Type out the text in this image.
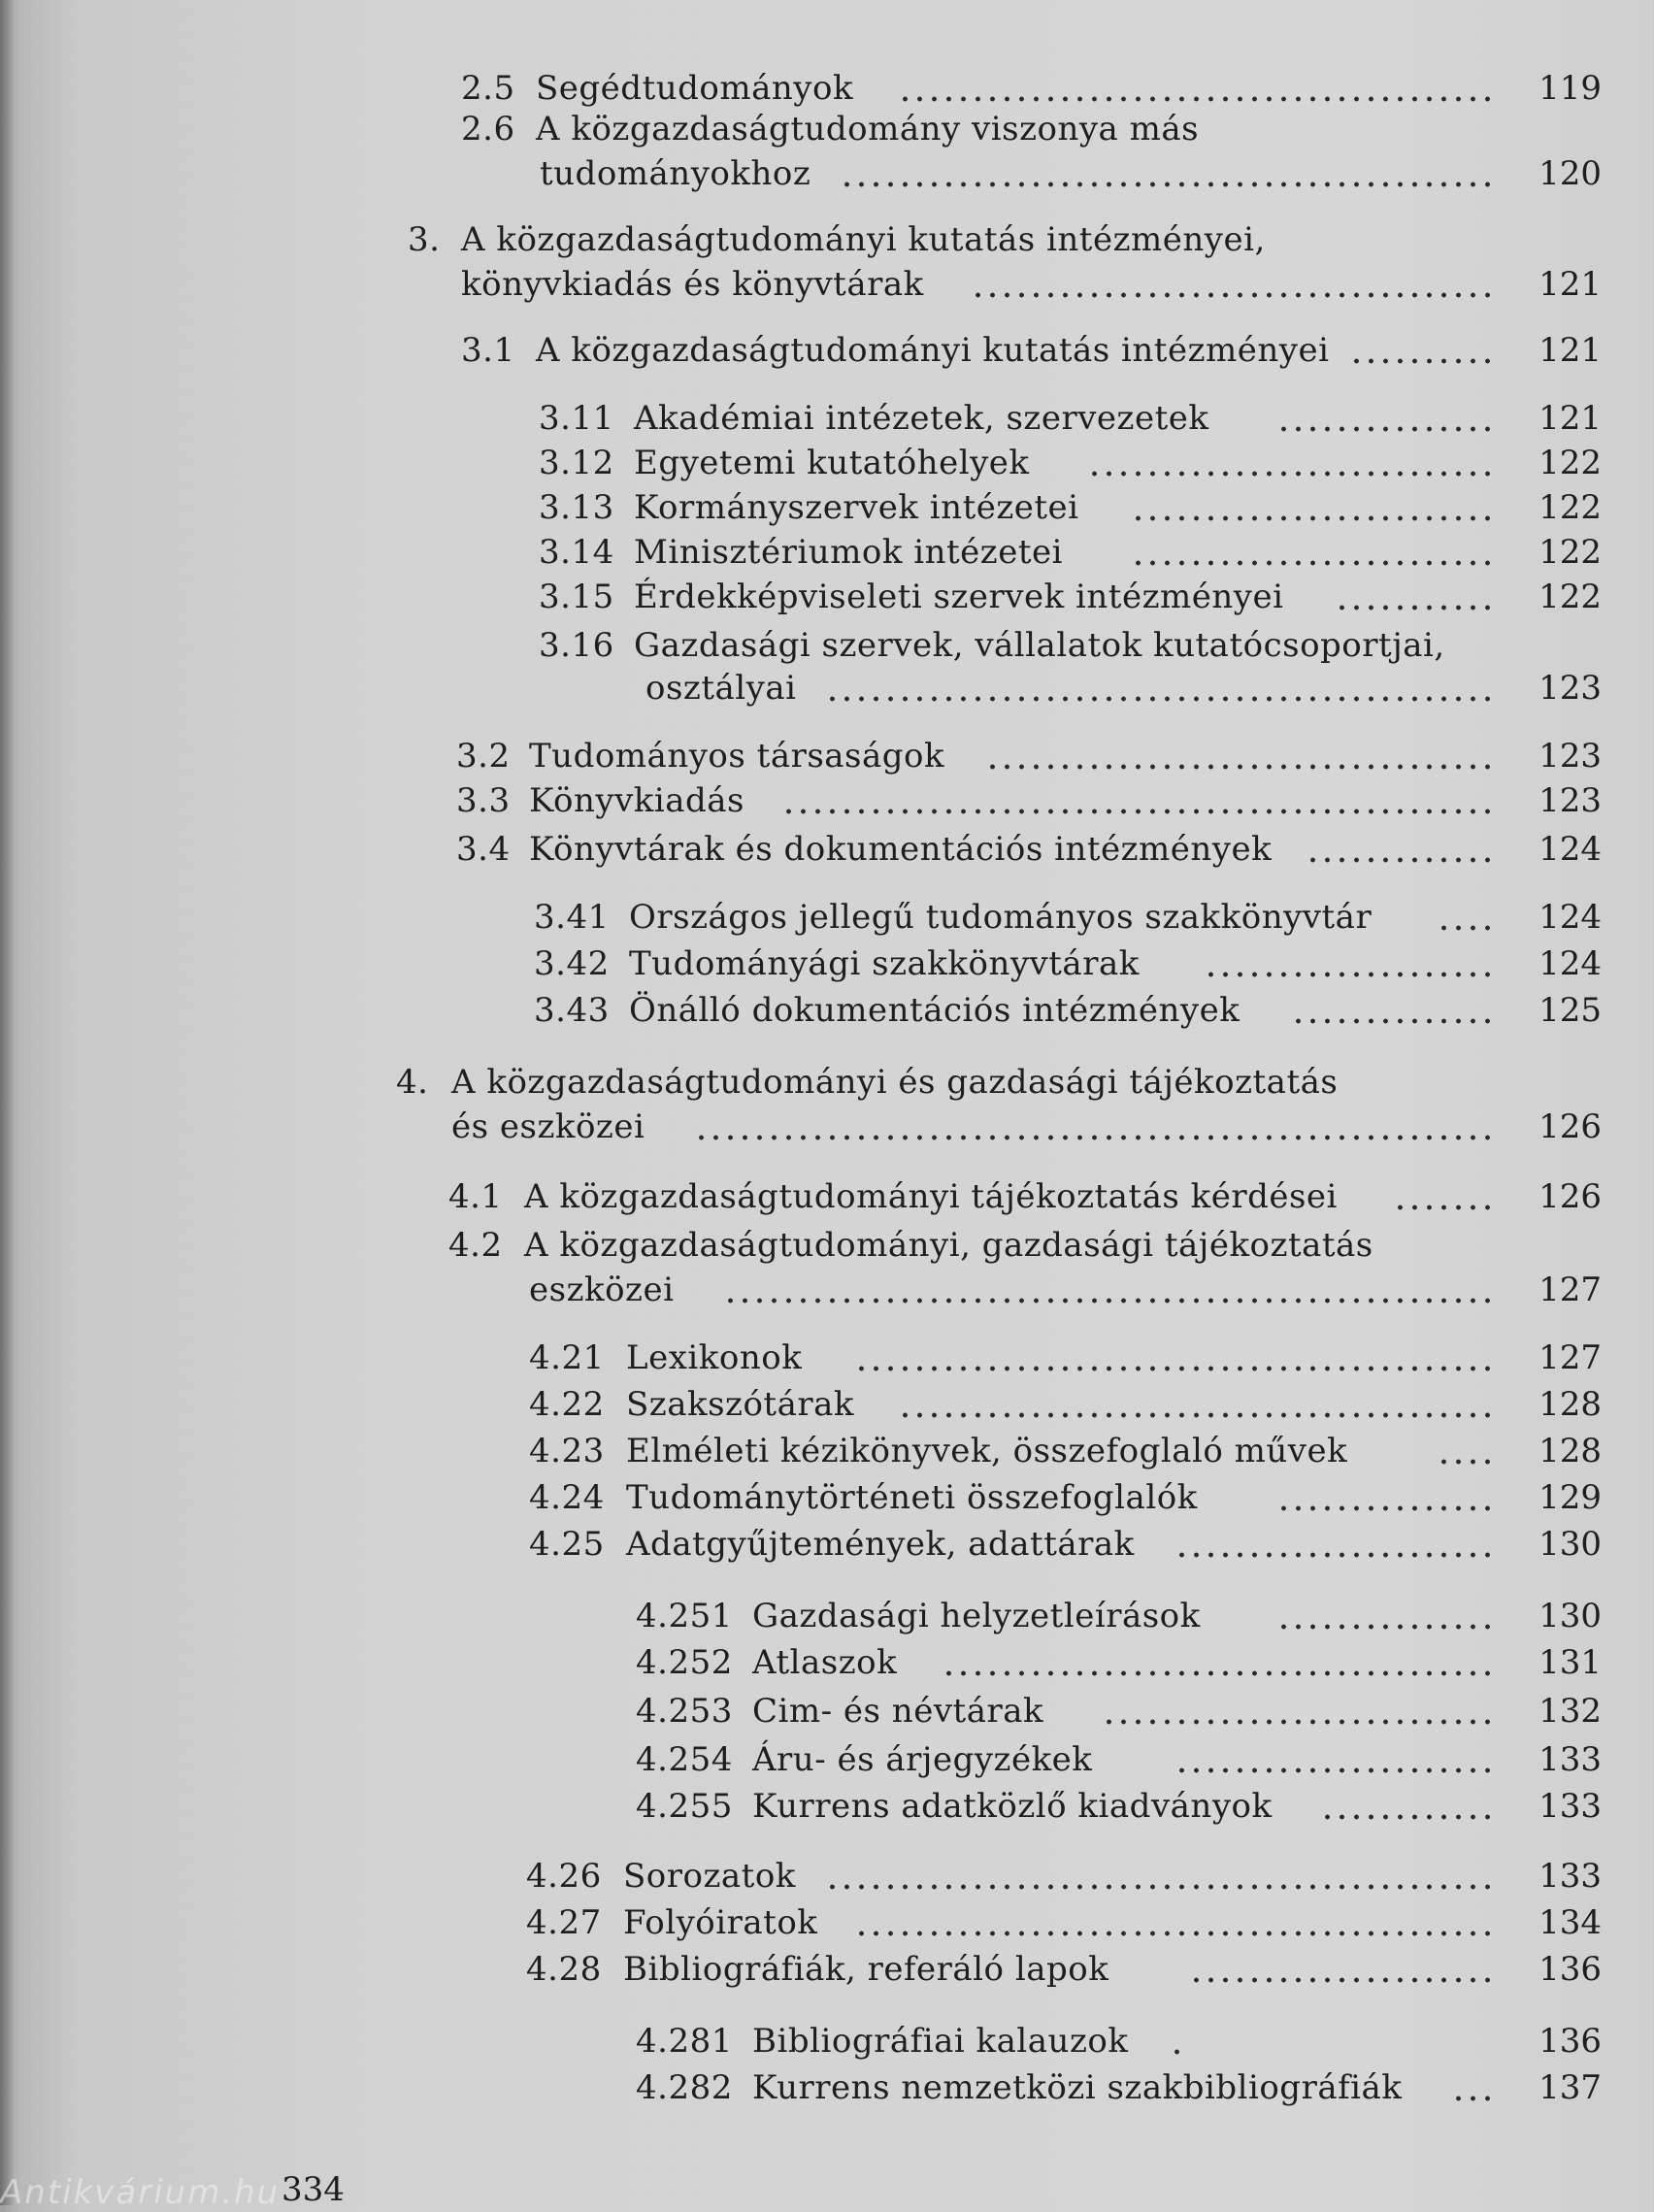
2.5 Segédtudományok	119
2.6 A közgazdaságtudomány viszonya más
tudományokhoz	120
3. A közgazdaságtudományi kutatás intézményei,
könyvkiadás és könyvtárak	121
3.1 A közgazdaságtudományi kutatás intézményei	121
3.11 Akadémiai intézetek, szervezetek	121
3.12 Egyetemi kutatóhelyek	122
3.13 Kormányszervek intézetei	122
3.14 Minisztériumok intézetei	122
3.15 Érdekképviseleti szervek intézményei	122
3.16 Gazdasági szervek, vállalatok kutatócsoportjai,
osztályai	123
3.2 Tudományos társaságok	123
3.3 Könyvkiadás	123
3.4 Könyvtárak és dokumentációs intézmények	124
3.41 Országos jellegű tudományos szakkönyvtár	124
3.42 Tudományági szakkönyvtárak	124
3.43 Önálló dokumentációs intézmények	125
4. A közgazdaságtudományi és gazdasági tájékoztatás
és eszközei	126
4.1 A közgazdaságtudományi tájékoztatás kérdései	126
4.2 A közgazdaságtudományi, gazdasági tájékoztatás
eszközei	127
4.21 Lexikonok	127
4.22 Szakszótárak	128
4.23 Elméleti kézikönyvek, összefoglaló művek	128
4.24 Tudománytörténeti összefoglalók	129
4.25 Adatgyűjtemények, adattárak	130
4.251 Gazdasági helyzetleírások	130
4.252 Atlaszok	131
4.253 Cim- és névtárak	132
4.254 Áru- és árjegyzékek	133
4.255 Kurrens adatközlő kiadványok	133
4.26 Sorozatok	133
4.27 Folyóiratok	134
4.28 Bibliográfiák, referáló lapok	136
4.281 Bibliográfiai kalauzok	136
4.282 Kurrens nemzetközi szakbibliográfiák	137
334
Antikvárium.hu
